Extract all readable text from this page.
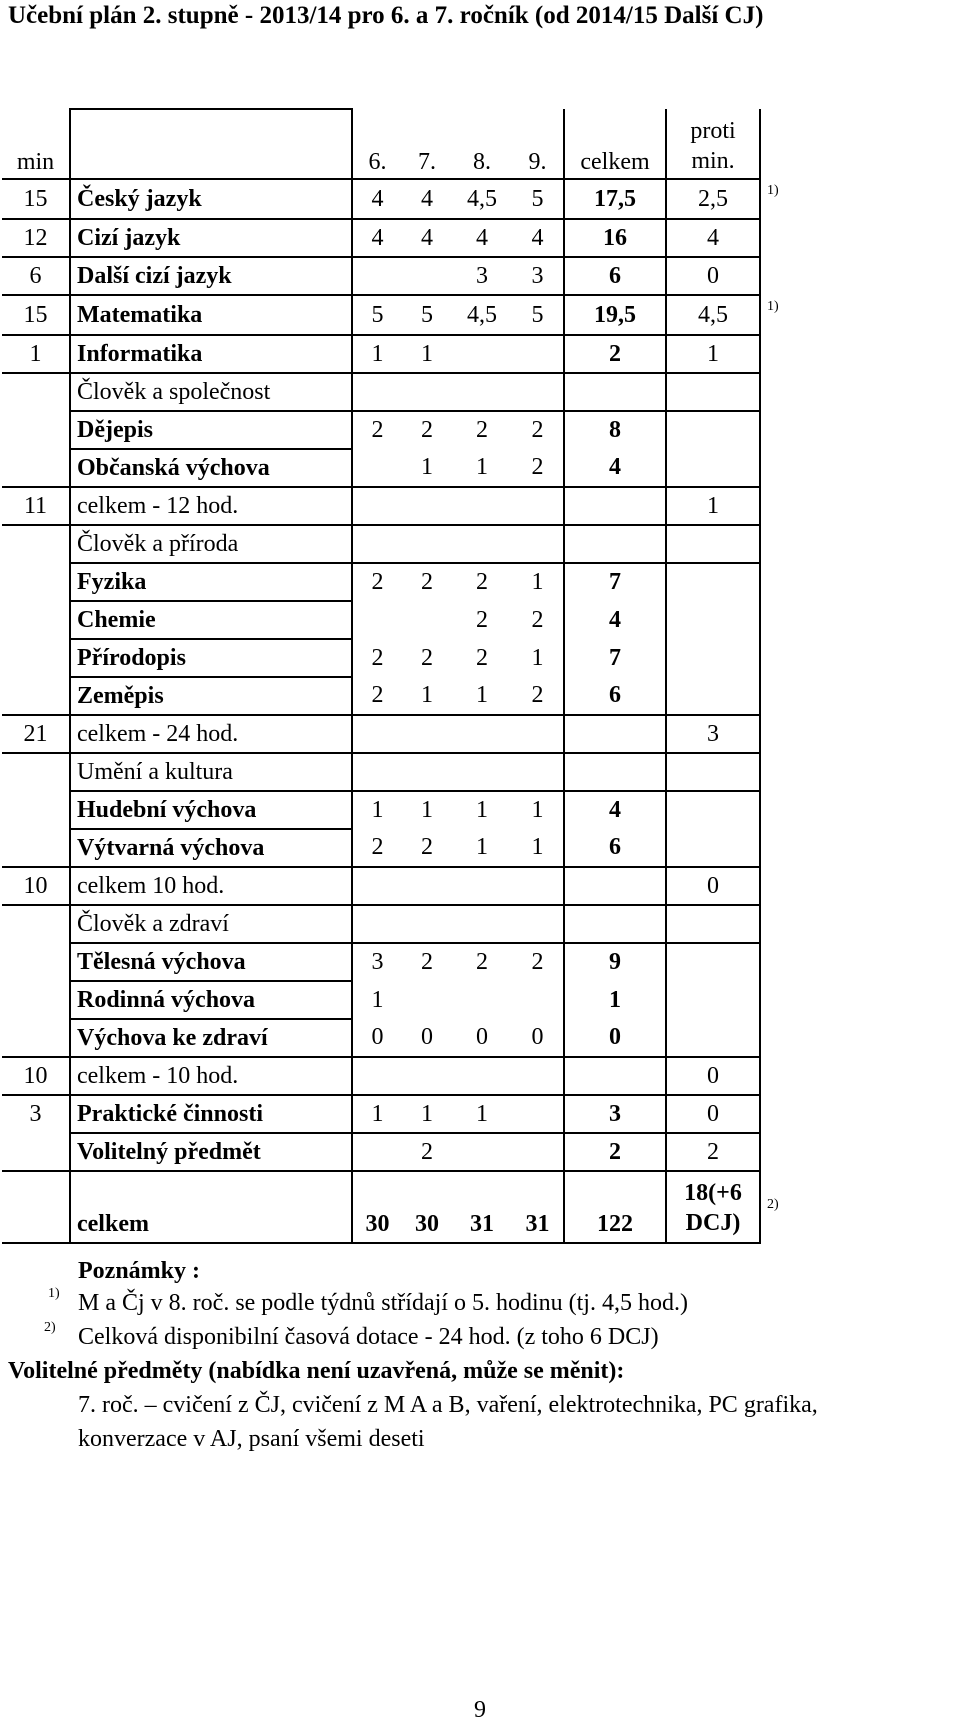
Učební plán 2. stupně - 2013/14 pro 6. a 7. ročník (od 2014/15 Další CJ)
min		6.	7.	8.	9.	celkem	proti min.	
15	Český jazyk	4	4	4,5	5	17,5	2,5	1)
12	Cizí jazyk	4	4	4	4	16	4	
6	Další cizí jazyk			3	3	6	0	
15	Matematika	5	5	4,5	5	19,5	4,5	1)
1	Informatika	1	1			2	1	
	Člověk a společnost							
	Dějepis	2	2	2	2	8		
	Občanská výchova		1	1	2	4		
11	celkem - 12 hod.						1	
	Člověk a příroda							
	Fyzika	2	2	2	1	7		
	Chemie			2	2	4		
	Přírodopis	2	2	2	1	7		
	Zeměpis	2	1	1	2	6		
21	celkem - 24 hod.						3	
	Umění a kultura							
	Hudební výchova	1	1	1	1	4		
	Výtvarná výchova	2	2	1	1	6		
10	celkem 10 hod.						0	
	Člověk a zdraví							
	Tělesná výchova	3	2	2	2	9		
	Rodinná výchova	1				1		
	Výchova ke zdraví	0	0	0	0	0		
10	celkem - 10 hod.						0	
3	Praktické činnosti	1	1	1		3	0	
	Volitelný předmět		2			2	2	
	celkem	30	30	31	31	122	18(+6 DCJ)	2)
Poznámky :
$^{1)}$ M a Čj v 8. roč. se podle týdnů střídají o 5. hodinu (tj. 4,5 hod.)
$^{2)}$ Celková disponibilní časová dotace - 24 hod. (z toho 6 DCJ)
Volitelné předměty (nabídka není uzavřená, může se měnit):
7. roč. – cvičení z ČJ, cvičení z M A a B, vaření, elektrotechnika, PC grafika,
konverzace v AJ, psaní všemi deseti
9
